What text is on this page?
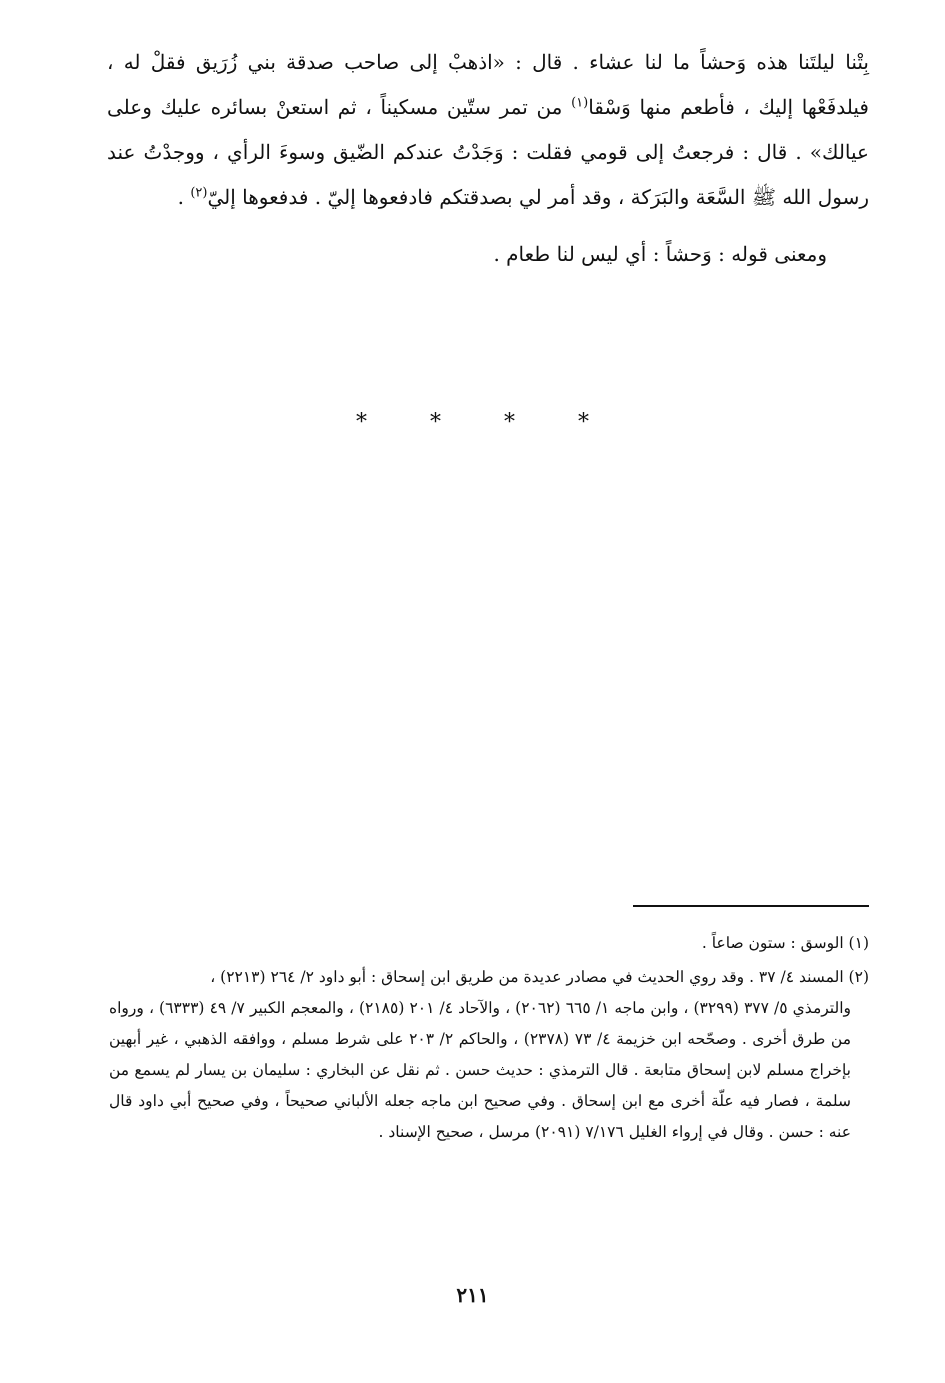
بِتْنا ليلتَنا هذه وَحشاً ما لنا عشاء . قال : «اذهبْ إلى صاحب صدقة بني زُرَيق فقلْ له ، فيلدفَعْها إليك ، فأطعم منها وَسْقا$^{(١)}$ من تمر ستّين مسكيناً ، ثم استعنْ بسائره عليك وعلى عيالك» . قال : فرجعتُ إلى قومي فقلت : وَجَدْتُ عندكم الضّيق وسوءَ الرأي ، ووجدْتُ عند رسول الله ﷺ السَّعَة والبَرَكة ، وقد أمر لي بصدقتكم فادفعوها إليّ . فدفعوها إليّ$^{(٢)}$ .

ومعنى قوله : وَحشاً : أي ليس لنا طعام .

* * * *

(١) الوسق : ستون صاعاً .

(٢) المسند ٤/ ٣٧ . وقد روي الحديث في مصادر عديدة من طريق ابن إسحاق : أبو داود ٢/ ٢٦٤ (٢٢١٣) ،

والترمذي ٥/ ٣٧٧ (٣٢٩٩) ، وابن ماجه ١/ ٦٦٥ (٢٠٦٢) ، والآحاد ٤/ ٢٠١ (٢١٨٥) ، والمعجم الكبير ٧/ ٤٩ (٦٣٣٣) ، ورواه من طرق أخرى . وصحّحه ابن خزيمة ٤/ ٧٣ (٢٣٧٨) ، والحاكم ٢/ ٢٠٣ على شرط مسلم ، ووافقه الذهبي ، غير أبهين بإخراج مسلم لابن إسحاق متابعة . قال الترمذي : حديث حسن . ثم نقل عن البخاري : سليمان بن يسار لم يسمع من سلمة ، فصار فيه علّة أخرى مع ابن إسحاق . وفي صحيح ابن ماجه جعله الألباني صحيحاً ، وفي صحيح أبي داود قال عنه : حسن . وقال في إرواء الغليل ٧/١٧٦ (٢٠٩١) مرسل ، صحيح الإسناد .

٢١١
